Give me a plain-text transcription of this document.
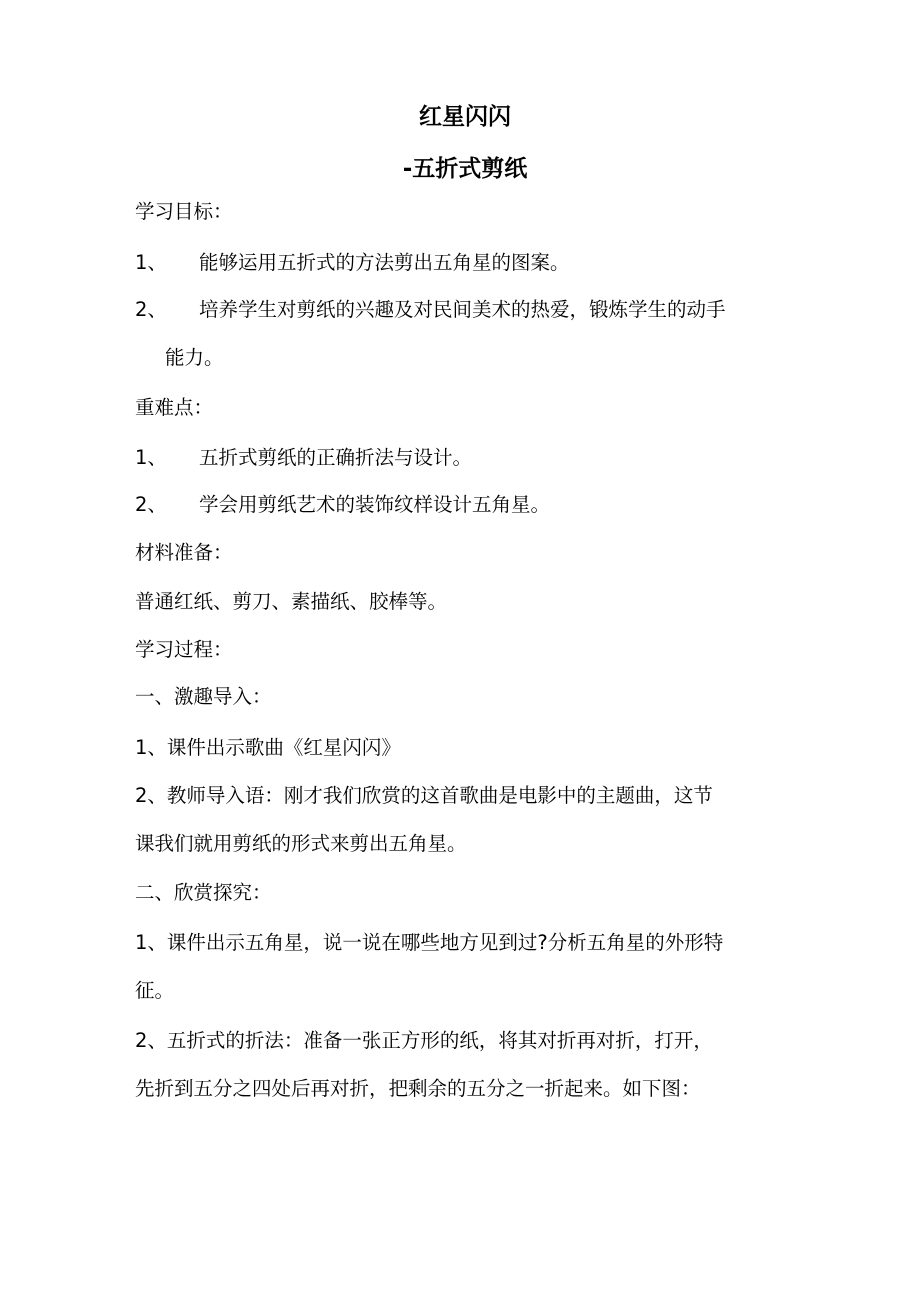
红星闪闪
-五折式剪纸
学习目标：
1、 能够运用五折式的方法剪出五角星的图案。
2、 培养学生对剪纸的兴趣及对民间美术的热爱，锻炼学生的动手
能力。
重难点：
1、 五折式剪纸的正确折法与设计。
2、 学会用剪纸艺术的装饰纹样设计五角星。
材料准备：
普通红纸、剪刀、素描纸、胶棒等。
学习过程：
一、激趣导入：
1、课件出示歌曲《红星闪闪》
2、教师导入语：刚才我们欣赏的这首歌曲是电影中的主题曲，这节
课我们就用剪纸的形式来剪出五角星。
二、欣赏探究：
1、课件出示五角星，说一说在哪些地方见到过?分析五角星的外形特
征。
2、五折式的折法：准备一张正方形的纸，将其对折再对折，打开，
先折到五分之四处后再对折，把剩余的五分之一折起来。如下图：
